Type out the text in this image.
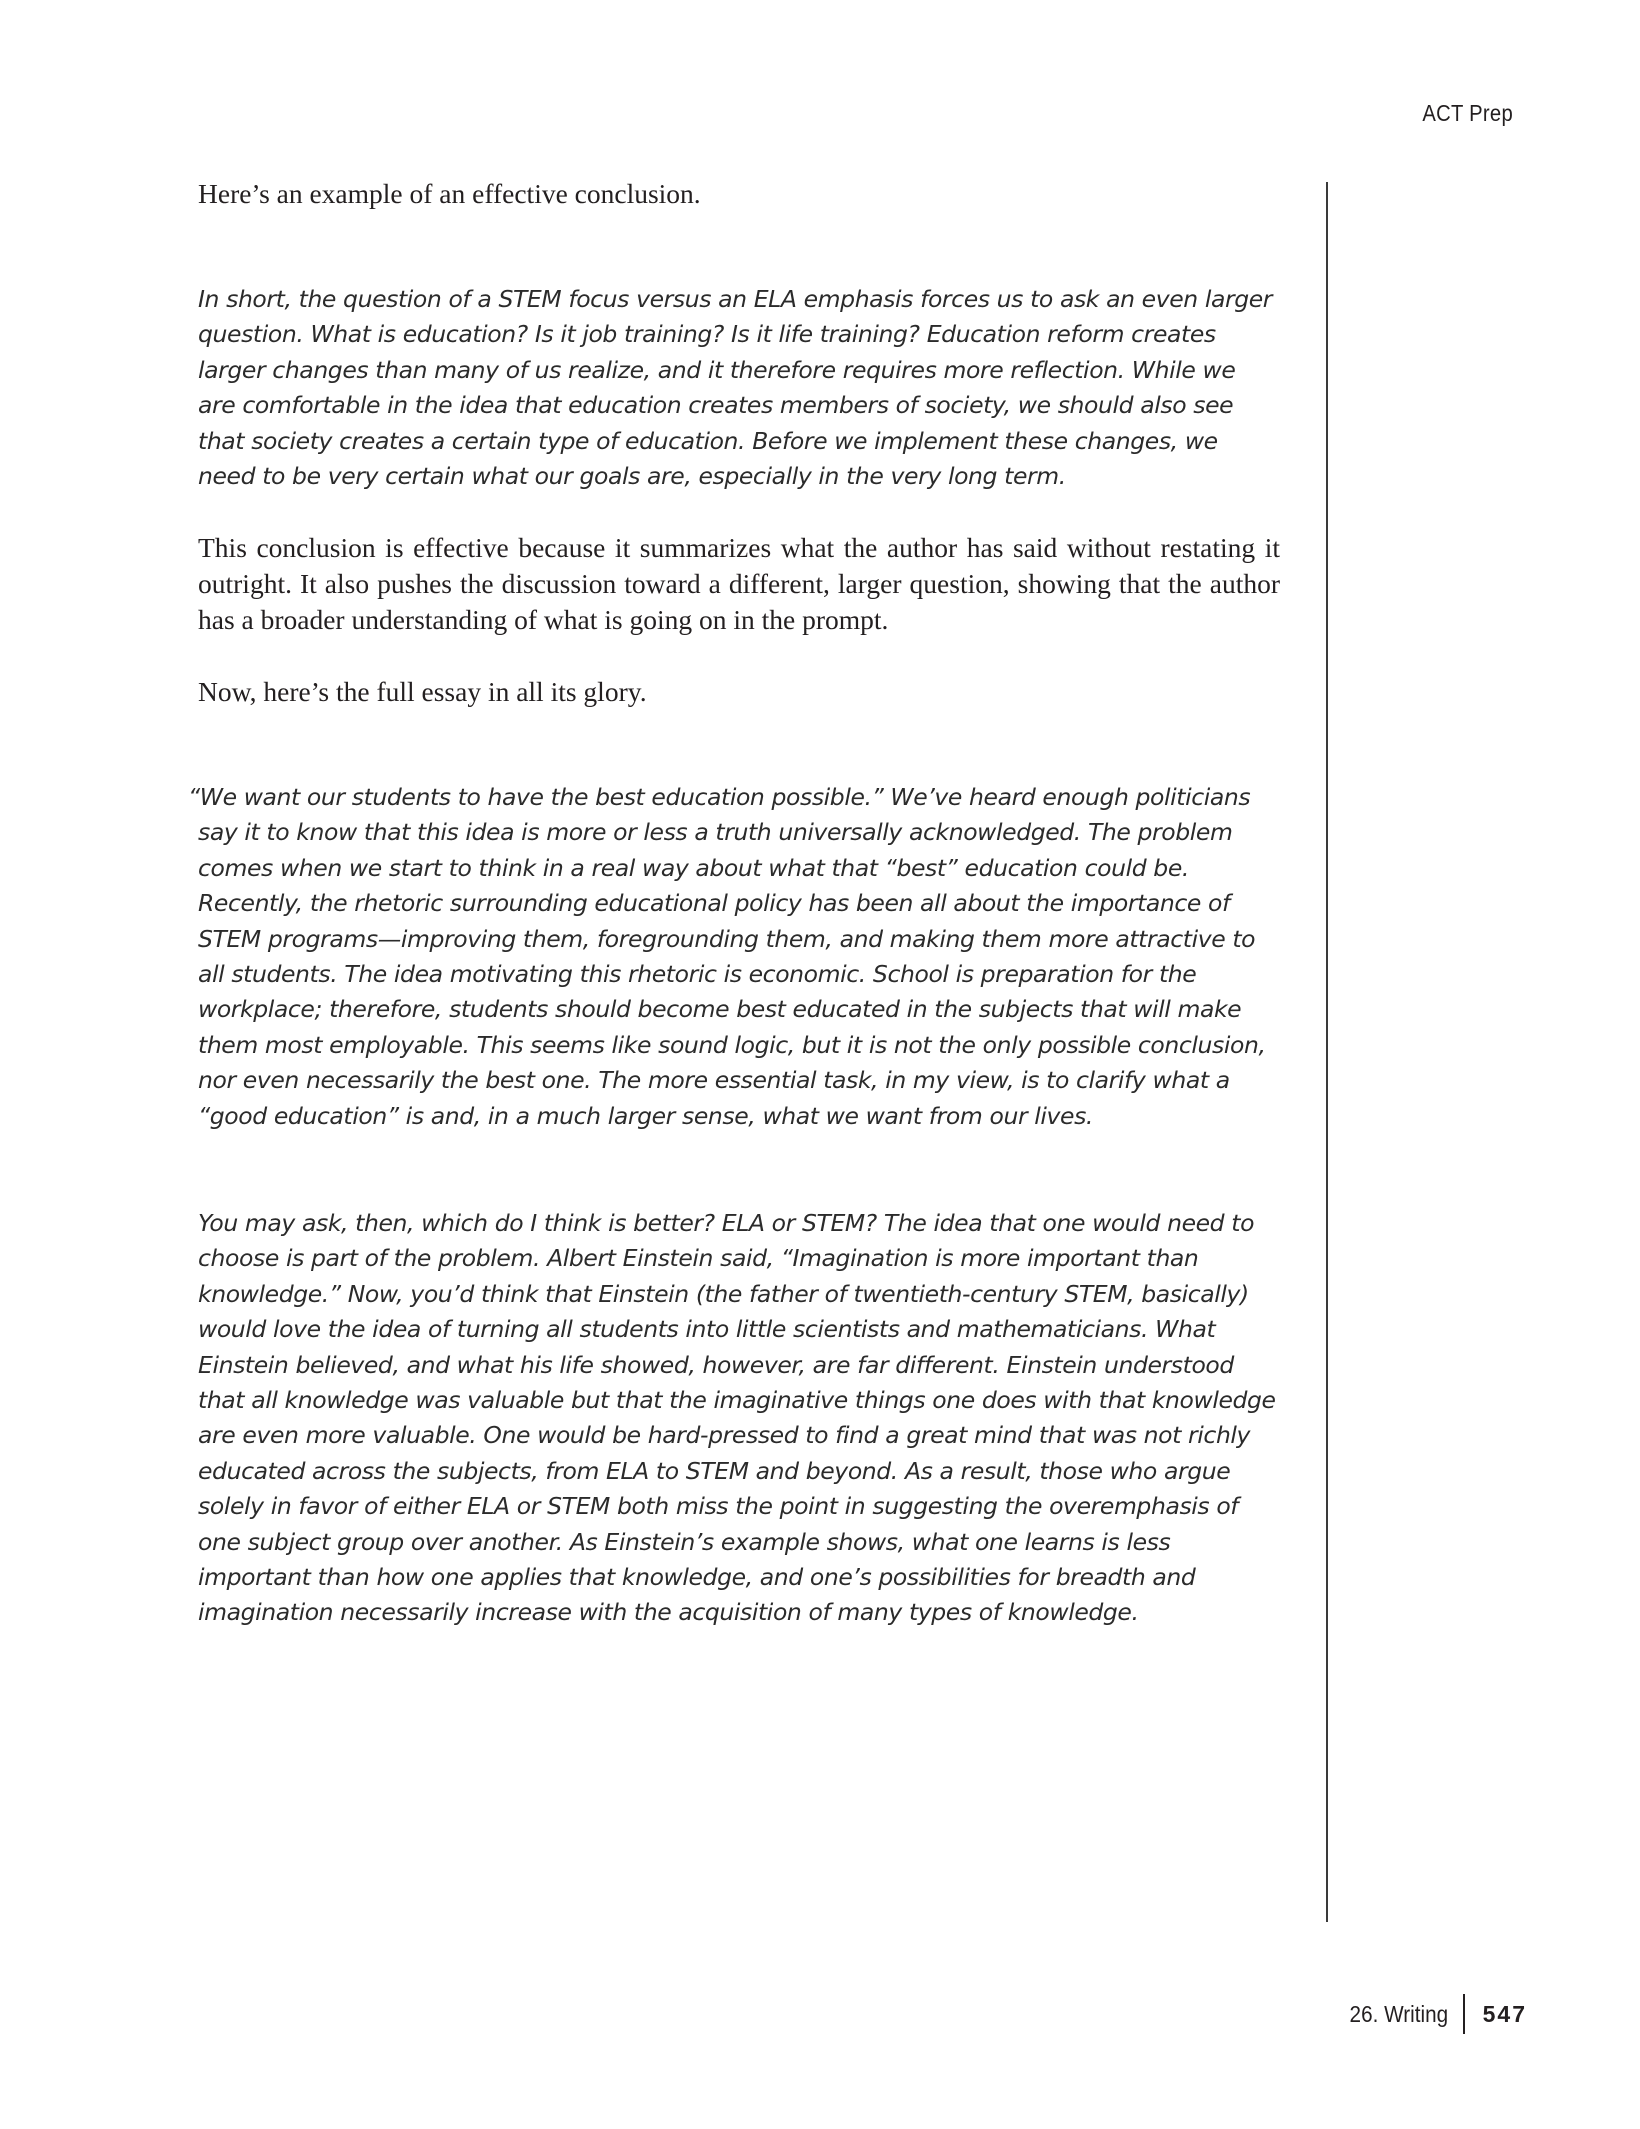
ACT Prep

Here’s an example of an effective conclusion.

In short, the question of a STEM focus versus an ELA emphasis forces us to ask an even larger question. What is education? Is it job training? Is it life training? Education reform creates larger changes than many of us realize, and it therefore requires more reflection. While we are comfortable in the idea that education creates members of society, we should also see that society creates a certain type of education. Before we implement these changes, we need to be very certain what our goals are, especially in the very long term.

This conclusion is effective because it summarizes what the author has said without restating it outright. It also pushes the discussion toward a different, larger question, showing that the author has a broader understanding of what is going on in the prompt.

Now, here’s the full essay in all its glory.

“We want our students to have the best education possible.” We’ve heard enough politicians say it to know that this idea is more or less a truth universally acknowledged. The problem comes when we start to think in a real way about what that “best” education could be. Recently, the rhetoric surrounding educational policy has been all about the importance of STEM programs—improving them, foregrounding them, and making them more attractive to all students. The idea motivating this rhetoric is economic. School is preparation for the workplace; therefore, students should become best educated in the subjects that will make them most employable. This seems like sound logic, but it is not the only possible conclusion, nor even necessarily the best one. The more essential task, in my view, is to clarify what a “good education” is and, in a much larger sense, what we want from our lives.

You may ask, then, which do I think is better? ELA or STEM? The idea that one would need to choose is part of the problem. Albert Einstein said, “Imagination is more important than knowledge.” Now, you’d think that Einstein (the father of twentieth-century STEM, basically) would love the idea of turning all students into little scientists and mathematicians. What Einstein believed, and what his life showed, however, are far different. Einstein understood that all knowledge was valuable but that the imaginative things one does with that knowledge are even more valuable. One would be hard-pressed to find a great mind that was not richly educated across the subjects, from ELA to STEM and beyond. As a result, those who argue solely in favor of either ELA or STEM both miss the point in suggesting the overemphasis of one subject group over another. As Einstein’s example shows, what one learns is less important than how one applies that knowledge, and one’s possibilities for breadth and imagination necessarily increase with the acquisition of many types of knowledge.

26. Writing	547
